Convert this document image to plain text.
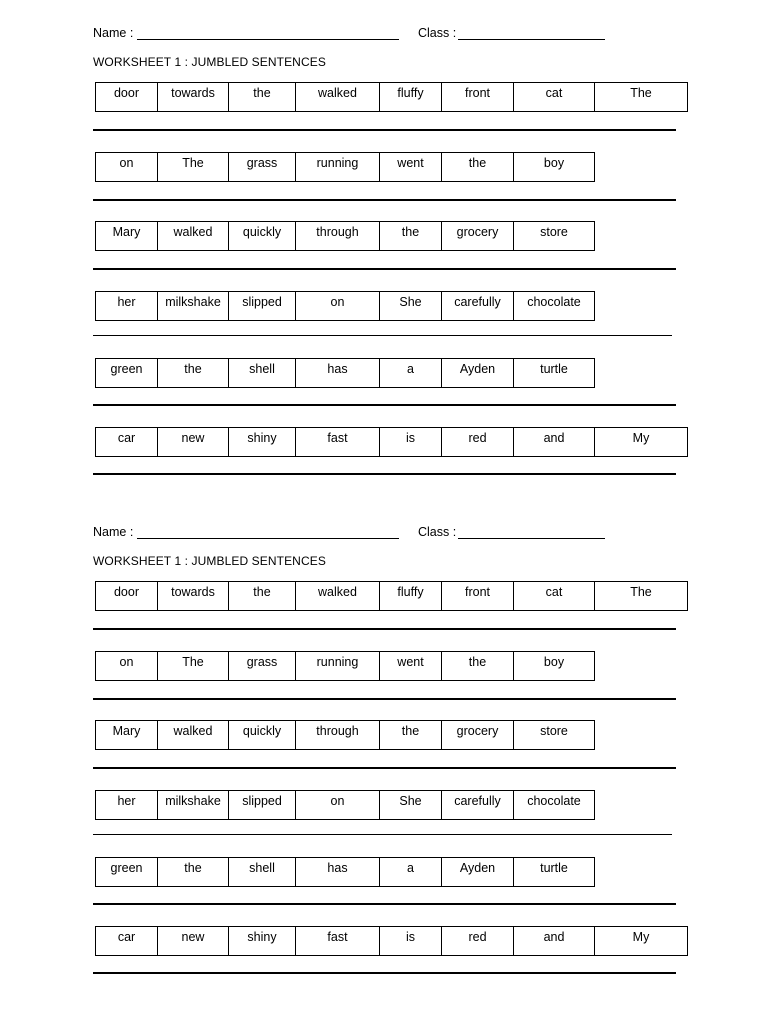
Name :	Class :
WORKSHEET 1 : JUMBLED SENTENCES
door	towards	the	walked	fluffy	front	cat	The
on	The	grass	running	went	the	boy
Mary	walked	quickly	through	the	grocery	store
her	milkshake	slipped	on	She	carefully	chocolate
green	the	shell	has	a	Ayden	turtle
car	new	shiny	fast	is	red	and	My
Name :	Class :
WORKSHEET 1 : JUMBLED SENTENCES
door	towards	the	walked	fluffy	front	cat	The
on	The	grass	running	went	the	boy
Mary	walked	quickly	through	the	grocery	store
her	milkshake	slipped	on	She	carefully	chocolate
green	the	shell	has	a	Ayden	turtle
car	new	shiny	fast	is	red	and	My
